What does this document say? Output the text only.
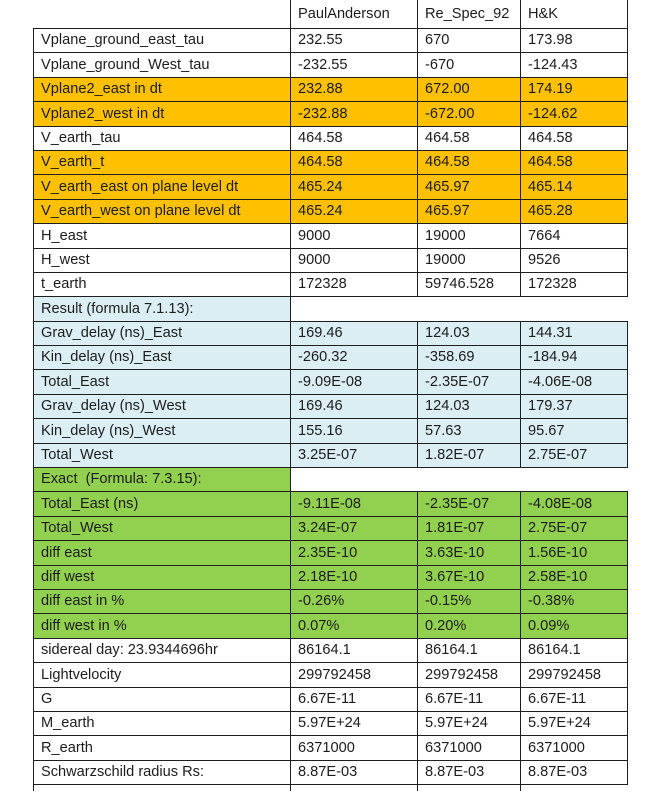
	PaulAnderson	Re_Spec_92	H&K
Vplane_ground_east_tau	232.55	670	173.98
Vplane_ground_West_tau	-232.55	-670	-124.43
Vplane2_east in dt	232.88	672.00	174.19
Vplane2_west in dt	-232.88	-672.00	-124.62
V_earth_tau	464.58	464.58	464.58
V_earth_t	464.58	464.58	464.58
V_earth_east on plane level dt	465.24	465.97	465.14
V_earth_west on plane level dt	465.24	465.97	465.28
H_east	9000	19000	7664
H_west	9000	19000	9526
t_earth	172328	59746.528	172328
Result (formula 7.1.13):			
Grav_delay (ns)_East	169.46	124.03	144.31
Kin_delay (ns)_East	-260.32	-358.69	-184.94
Total_East	-9.09E-08	-2.35E-07	-4.06E-08
Grav_delay (ns)_West	169.46	124.03	179.37
Kin_delay (ns)_West	155.16	57.63	95.67
Total_West	3.25E-07	1.82E-07	2.75E-07
Exact  (Formula: 7.3.15):			
Total_East (ns)	-9.11E-08	-2.35E-07	-4.08E-08
Total_West	3.24E-07	1.81E-07	2.75E-07
diff east	2.35E-10	3.63E-10	1.56E-10
diff west	2.18E-10	3.67E-10	2.58E-10
diff east in %	-0.26%	-0.15%	-0.38%
diff west in %	0.07%	0.20%	0.09%
sidereal day: 23.9344696hr	86164.1	86164.1	86164.1
Lightvelocity	299792458	299792458	299792458
G	6.67E-11	6.67E-11	6.67E-11
M_earth	5.97E+24	5.97E+24	5.97E+24
R_earth	6371000	6371000	6371000
Schwarzschild radius Rs:	8.87E-03	8.87E-03	8.87E-03
